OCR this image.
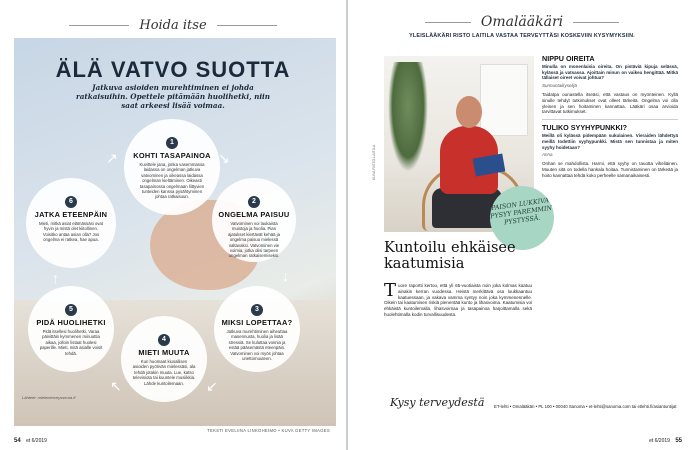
Hoida itse
ÄLÄ VATVO SUOTTA
Jatkuva asioiden murehtiminen ei johda ratkaisuihin. Opettele pitämään huolihetki, niin saat arkeesi lisää voimaa.
1
KOHTI TASAPAINOA

Kuvittele jana, jonka vasemmassa laidassa on ongelman jatkuva vatvominen ja oikeassa laidassa ongelman kieltäminen. Oikeasti tasapainossa ongelmaan liittyvien tunteiden kanssa pysähtyminen johtaa ratkaisuun.

2
ONGELMA PAISUU

Vatvominen voi laukaista muistoja ja huolia. Pian ajatukset kiertävät kehää ja ongelma paisuu mielessä valtavaksi. Vatvominen vie voimia, jotka olisi tarpeen ongelman ratkaisemiseksi.

3
MIKSI LOPETTAA?

Jatkuva murehtiminen aiheuttaa masennusta, huolia ja lisää stressiä. Se kuluttaa voimia ja estää pääsemästä eteenpäin. Vatvominen voi myös johtaa unettomuuteen.

4
MIETI MUUTA

Kun huomaat kiusallisen asioiden pyörivän mielessäsi, ala tehdä jotakin muuta. Lue, katso televisiota tai kuuntele musiikkia. Lähde kuntoilemaan.

5
PIDÄ HUOLIHETKI

Pidä itsellesi huolihetki. Varaa päivittäin kymmenen minuuttia aikaa, jolloin listaat huolesi paperille. Mieti, mitä asialle voisit tehdä.

6
JATKA ETEENPÄIN

Mieti, mitkä asiat elämässäsi ovat hyvin ja mistä olet kiitollinen. Voisitko antaa asian olla? Jos ongelma ei ratkea, hae apua.

↘
↓
↙
↖
↑
↗
Lähteet: mielenterveysseura.fi
TEKSTI EVELIINA LINKOHEIMO • KUVA GETTY IMAGES
54 et 6/2019
Omalääkäri
YLEISLÄÄKÄRI RISTO LAITILA VASTAA TERVEYTTÄSI KOSKEVIIN KYSYMYKSIIN.
KUVA RISTO LAITILA
PAISON LUKKIVA PYSYY PAREMMIN PYSTYSSÄ.
Kuntoilu ehkäisee kaatumisia
T uore raportti kertoo, että yli 65-vuotiaista noin joka kolmas kaatuu ainakin kerran vuodessa. Heistä merkittävä osa loukkaantuu kaatuessaan, ja vakava vamma syntyy noin joka kymmenennelle. Oikein tai kaatumisen riskiä pienentää kunto ja lihasvoima. Kaatumisia voi ehkäistä kuntoilemalla, lihasvoimaa ja tasapainoa harjoittamalla sekä huolehtimalla kodin turvallisuudesta.
NIPPU OIREITA

Minulla on monenlaisia oireita. On pistäviä kipuja selässä, kylässä ja vatsassa. Ajoittain minun on vaikea hengittää. Mitkä tällaiset oireet voivat johtua?

Sunnuntaikyselijä

Taidatpa ounastella itseäsi, että vastaus on myönteinen. Kyllä sinulle tehdyt tutkimukset ovat olleet tärkeitä. Ongelma voi olla yleinen ja sen hoitaminen kannattaa. Lääkäri osaa arvioida tarvittavat tutkimukset.

TULIKO SYYHYPUNKKI?

Meillä oli kylässä pidempään sukulainen. Vieraiden lähdettyä meillä todettiin syyhypunkki. Mistä sen tunnistaa ja miten syyhy hoidetaan?

Anna

Onhan se mahdollista. Harmi, että syyhy on tauotta viheliäinen. Muuten sitä on todella hankala hoitaa. Tunnistaminen on tärkeää ja hoito kannattaa tehdä koko perheelle samanaikaisesti.

Kysy terveydestä ET-lehti • Omalääkäri • PL 100 • 00040 Sanoma • et-lehti@sanoma.com tai etlehti.fi/asiantuntijat
et 6/2019 55
